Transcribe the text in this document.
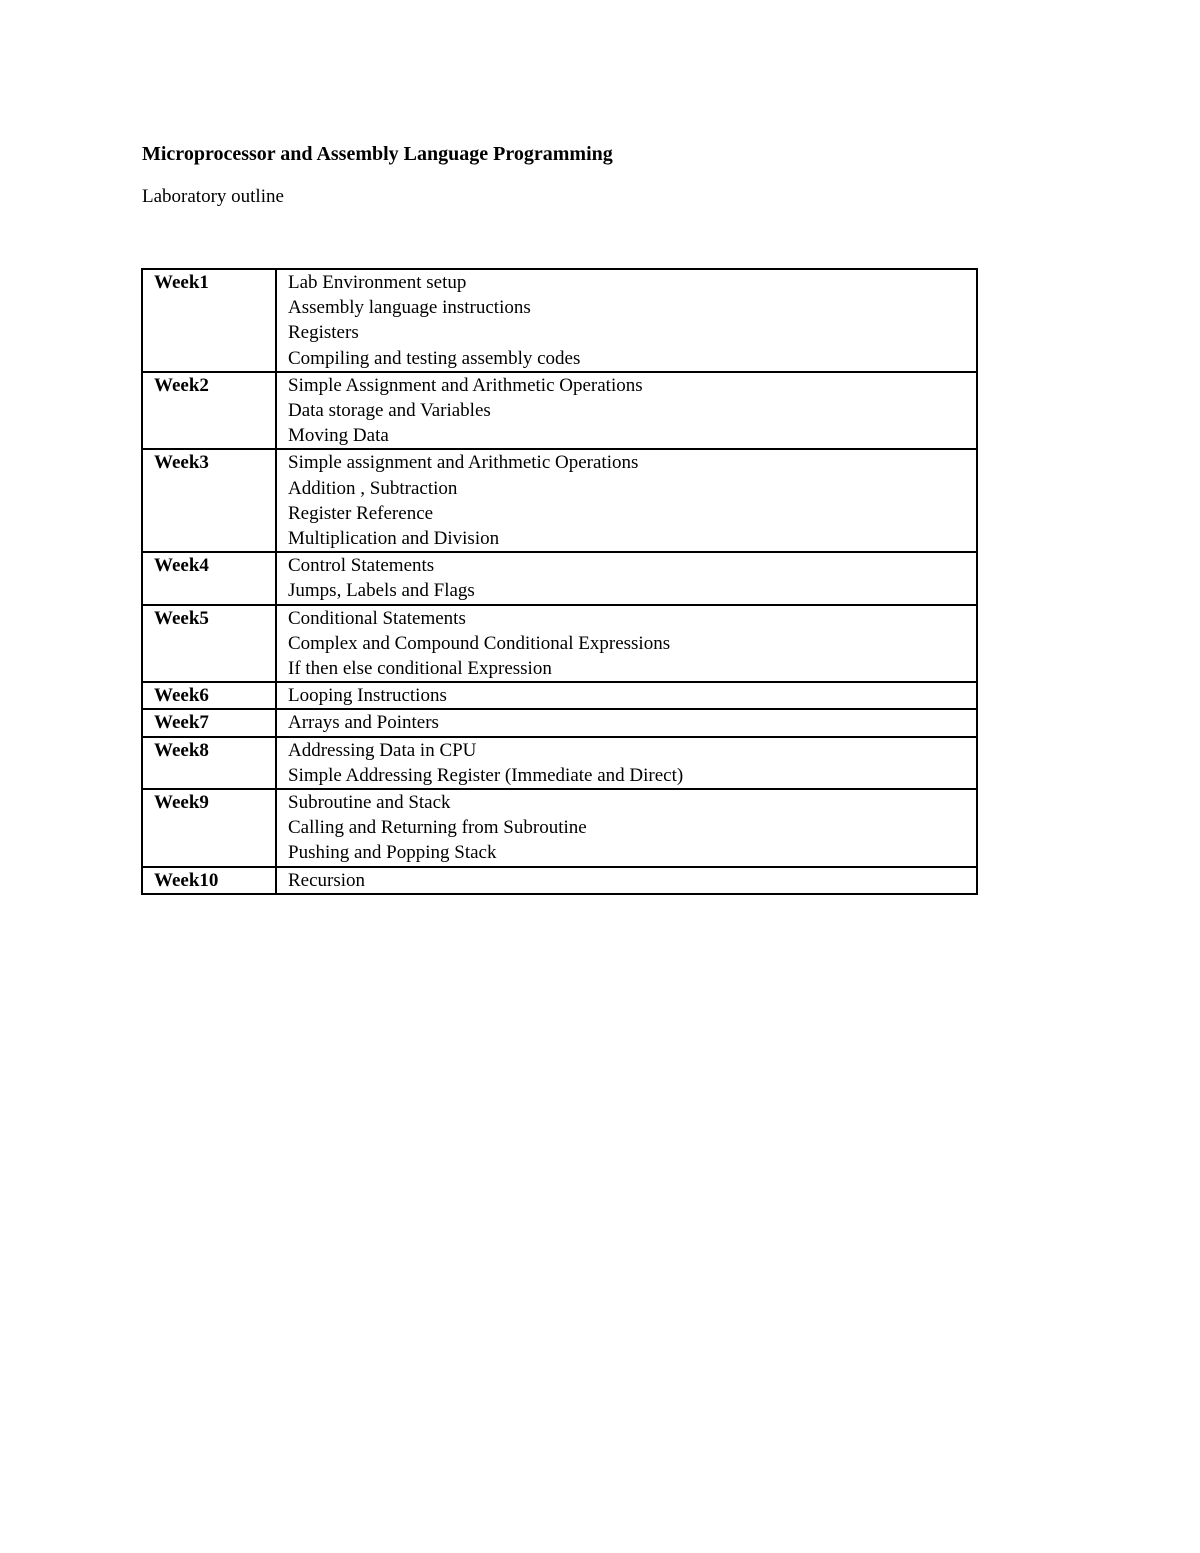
Microprocessor and Assembly Language Programming
Laboratory outline
Week1	Lab Environment setup
Assembly language instructions
Registers
Compiling and testing assembly codes

Week2	Simple Assignment and Arithmetic Operations
Data storage and Variables
Moving Data

Week3	Simple assignment and Arithmetic Operations
Addition , Subtraction
Register Reference
Multiplication and Division

Week4	Control Statements
Jumps, Labels and Flags

Week5	Conditional Statements
Complex and Compound Conditional Expressions
If then else conditional Expression

Week6	Looping Instructions

Week7	Arrays and Pointers

Week8	Addressing Data in CPU
Simple Addressing Register (Immediate and Direct)

Week9	Subroutine and Stack
Calling and Returning from Subroutine
Pushing and Popping Stack

Week10	Recursion
